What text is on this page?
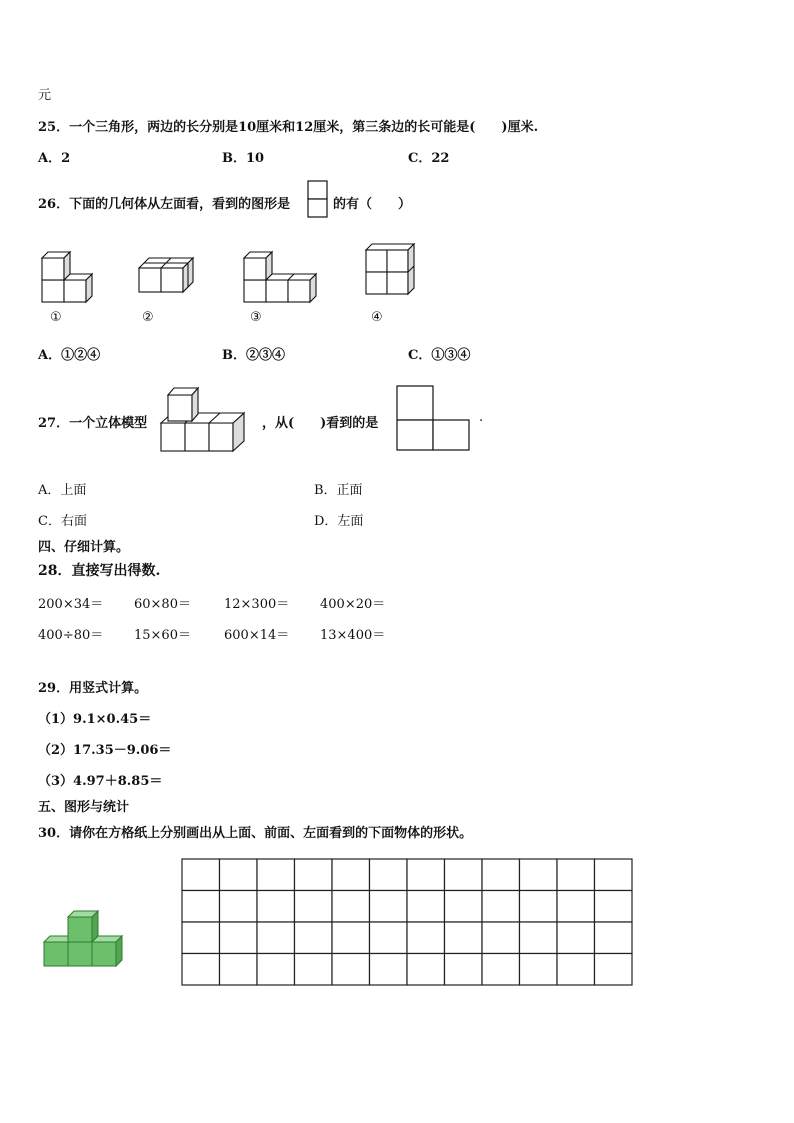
元
25．一个三角形，两边的长分别是10厘米和12厘米，第三条边的长可能是(　　)厘米.
A．2	B．10	C．22
26．下面的几何体从左面看，看到的图形是	的有（　　）
①	②	③	④
A．①②④	B．②③④	C．①③④
27．一个立体模型	，从(　　)看到的是	.
A．上面	B．正面
C．右面	D．左面
四、仔细计算。
28．直接写出得数.
200×34＝ 60×80＝	12×300＝ 400×20＝
400÷80＝ 15×60＝	600×14＝ 13×400＝
29．用竖式计算。
（1）9.1×0.45＝
（2）17.35－9.06＝
（3）4.97＋8.85＝
五、图形与统计
30．请你在方格纸上分别画出从上面、前面、左面看到的下面物体的形状。
